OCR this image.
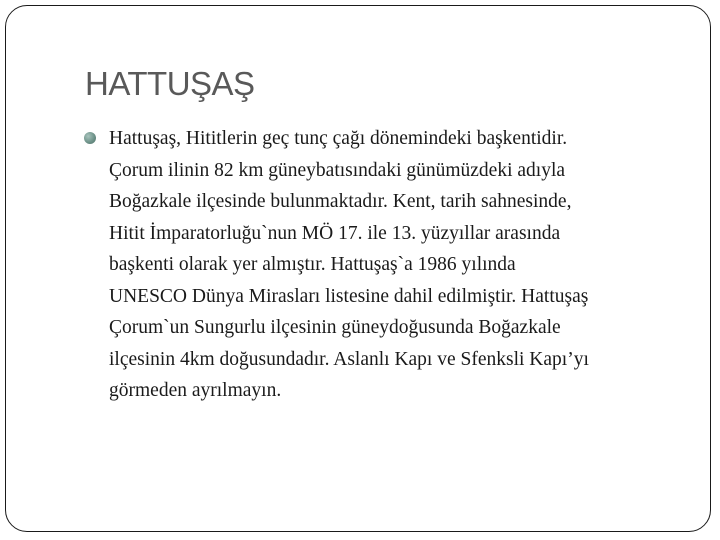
HATTUŞAŞ

Hattuşaş, Hititlerin geç tunç çağı dönemindeki başkentidir.
Çorum ilinin 82 km güneybatısındaki günümüzdeki adıyla
Boğazkale ilçesinde bulunmaktadır. Kent, tarih sahnesinde,
Hitit İmparatorluğu`nun MÖ 17. ile 13. yüzyıllar arasında
başkenti olarak yer almıştır. Hattuşaş`a 1986 yılında
UNESCO Dünya Mirasları listesine dahil edilmiştir. Hattuşaş
Çorum`un Sungurlu ilçesinin güneydoğusunda Boğazkale
ilçesinin 4km doğusundadır. Aslanlı Kapı ve Sfenksli Kapı’yı
görmeden ayrılmayın.
